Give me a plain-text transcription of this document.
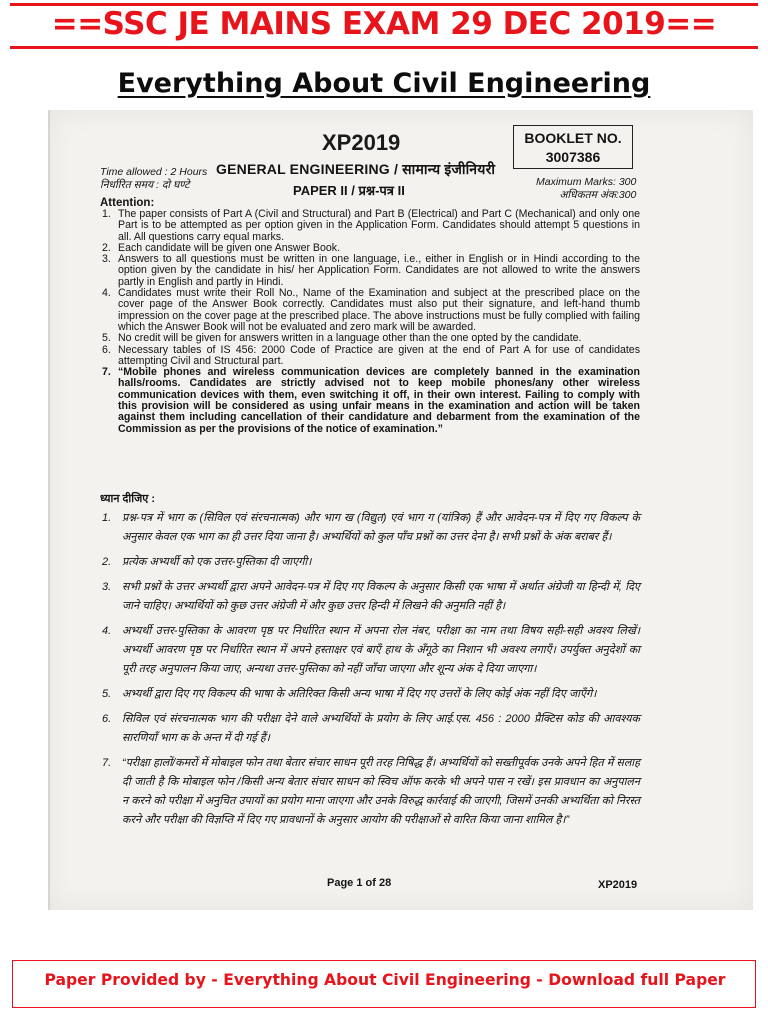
==SSC JE MAINS EXAM 29 DEC 2019==
Everything About Civil Engineering
XP2019	BOOKLET NO.
3007386
GENERAL ENGINEERING / सामान्य इंजीनियरी
PAPER II / प्रश्न-पत्र II
Time allowed : 2 Hours
निर्धारित समय : दो घण्टे	Maximum Marks: 300
अधिकतम अंक:300
Attention:
1. The paper consists of Part A (Civil and Structural) and Part B (Electrical) and Part C (Mechanical) and only one Part is to be attempted as per option given in the Application Form. Candidates should attempt 5 questions in all. All questions carry equal marks.
2. Each candidate will be given one Answer Book.
3. Answers to all questions must be written in one language, i.e., either in English or in Hindi according to the option given by the candidate in his/ her Application Form. Candidates are not allowed to write the answers partly in English and partly in Hindi.
4. Candidates must write their Roll No., Name of the Examination and subject at the prescribed place on the cover page of the Answer Book correctly. Candidates must also put their signature, and left-hand thumb impression on the cover page at the prescribed place. The above instructions must be fully complied with failing which the Answer Book will not be evaluated and zero mark will be awarded.
5. No credit will be given for answers written in a language other than the one opted by the candidate.
6. Necessary tables of IS 456: 2000 Code of Practice are given at the end of Part A for use of candidates attempting Civil and Structural part.
7. “Mobile phones and wireless communication devices are completely banned in the examination halls/rooms. Candidates are strictly advised not to keep mobile phones/any other wireless communication devices with them, even switching it off, in their own interest. Failing to comply with this provision will be considered as using unfair means in the examination and action will be taken against them including cancellation of their candidature and debarment from the examination of the Commission as per the provisions of the notice of examination.”
ध्यान दीजिए :
1. प्रश्न-पत्र में भाग क (सिविल एवं संरचनात्मक) और भाग ख (विद्युत) एवं भाग ग (यांत्रिक) हैं और आवेदन-पत्र में दिए गए विकल्प के अनुसार केवल एक भाग का ही उत्तर दिया जाना है। अभ्यर्थियों को कुल पाँच प्रश्नों का उत्तर देना है। सभी प्रश्नों के अंक बराबर हैं।
2. प्रत्येक अभ्यर्थी को एक उत्तर-पुस्तिका दी जाएगी।
3. सभी प्रश्नों के उत्तर अभ्यर्थी द्वारा अपने आवेदन-पत्र में दिए गए विकल्प के अनुसार किसी एक भाषा में अर्थात अंग्रेजी या हिन्दी में, दिए जाने चाहिए। अभ्यर्थियों को कुछ उत्तर अंग्रेजी में और कुछ उत्तर हिन्दी में लिखने की अनुमति नहीं है।
4. अभ्यर्थी उत्तर-पुस्तिका के आवरण पृष्ठ पर निर्धारित स्थान में अपना रोल नंबर, परीक्षा का नाम तथा विषय सही-सही अवश्य लिखें। अभ्यर्थी आवरण पृष्ठ पर निर्धारित स्थान में अपने हस्ताक्षर एवं बाएँ हाथ के अँगूठे का निशान भी अवश्य लगाएँ। उपर्युक्त अनुदेशों का पूरी तरह अनुपालन किया जाए, अन्यथा उत्तर-पुस्तिका को नहीं जाँचा जाएगा और शून्य अंक दे दिया जाएगा।
5. अभ्यर्थी द्वारा दिए गए विकल्प की भाषा के अतिरिक्त किसी अन्य भाषा में दिए गए उत्तरों के लिए कोई अंक नहीं दिए जाएँगे।
6. सिविल एवं संरचनात्मक भाग की परीक्षा देने वाले अभ्यर्थियों के प्रयोग के लिए आई.एस. 456 : 2000 प्रैक्टिस कोड की आवश्यक सारणियाँ भाग क के अन्त में दी गई हैं।
7. “परीक्षा हालों/कमरों में मोबाइल फोन तथा बेतार संचार साधन पूरी तरह निषिद्ध हैं। अभ्यर्थियों को सख्तीपूर्वक उनके अपने हित में सलाह दी जाती है कि मोबाइल फोन /किसी अन्य बेतार संचार साधन को स्विच ऑफ करके भी अपने पास न रखें। इस प्रावधान का अनुपालन न करने को परीक्षा में अनुचित उपायों का प्रयोग माना जाएगा और उनके विरुद्ध कार्रवाई की जाएगी, जिसमें उनकी अभ्यर्थिता को निरस्त करने और परीक्षा की विज्ञप्ति में दिए गए प्रावधानों के अनुसार आयोग की परीक्षाओं से वारित किया जाना शामिल है।”
Page 1 of 28	XP2019
Paper Provided by - Everything About Civil Engineering - Download full Paper
